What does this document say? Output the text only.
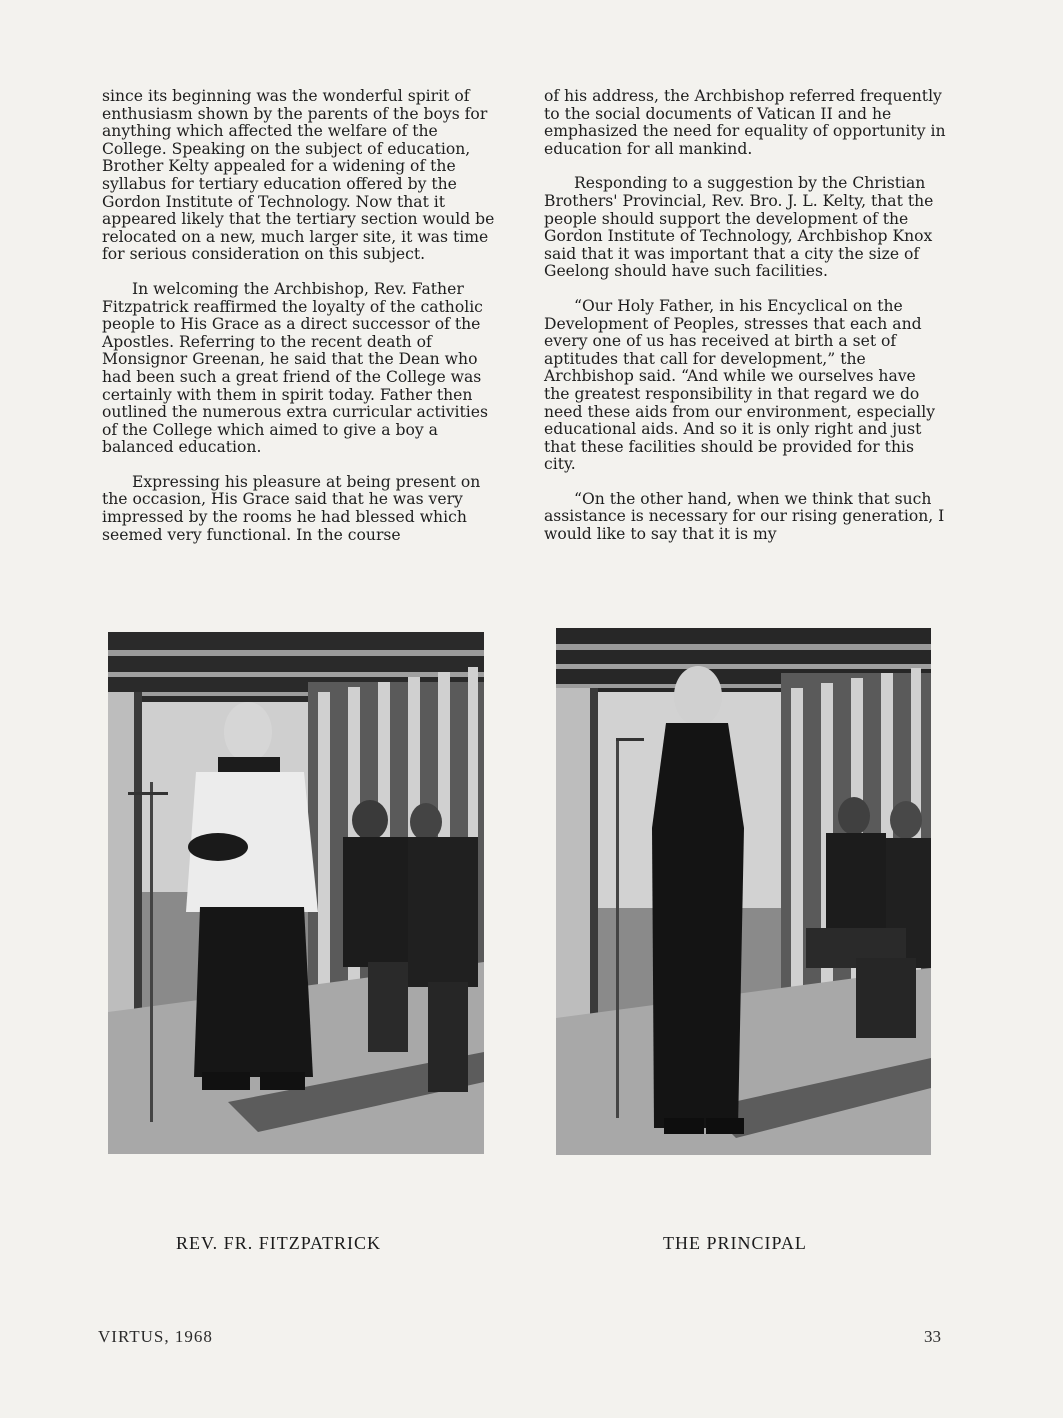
since its beginning was the wonderful spirit of enthusiasm shown by the parents of the boys for anything which affected the welfare of the College. Speaking on the subject of education, Brother Kelty appealed for a widening of the syllabus for tertiary education offered by the Gordon Institute of Technology. Now that it appeared likely that the tertiary section would be relocated on a new, much larger site, it was time for serious consideration on this subject.

In welcoming the Archbishop, Rev. Father Fitzpatrick reaffirmed the loyalty of the catholic people to His Grace as a direct successor of the Apostles. Referring to the recent death of Monsignor Greenan, he said that the Dean who had been such a great friend of the College was certainly with them in spirit today. Father then outlined the numerous extra curricular activities of the College which aimed to give a boy a balanced education.

Expressing his pleasure at being present on the occasion, His Grace said that he was very impressed by the rooms he had blessed which seemed very functional. In the course

of his address, the Archbishop referred frequently to the social documents of Vatican II and he emphasized the need for equality of opportunity in education for all mankind.

Responding to a suggestion by the Christian Brothers' Provincial, Rev. Bro. J. L. Kelty, that the people should support the development of the Gordon Institute of Technology, Archbishop Knox said that it was important that a city the size of Geelong should have such facilities.

“Our Holy Father, in his Encyclical on the Development of Peoples, stresses that each and every one of us has received at birth a set of aptitudes that call for development,” the Archbishop said. “And while we ourselves have the greatest responsibility in that regard we do need these aids from our environment, especially educational aids. And so it is only right and just that these facilities should be provided for this city.

“On the other hand, when we think that such assistance is necessary for our rising generation, I would like to say that it is my

REV. FR. FITZPATRICK	THE PRINCIPAL
VIRTUS, 1968	33
